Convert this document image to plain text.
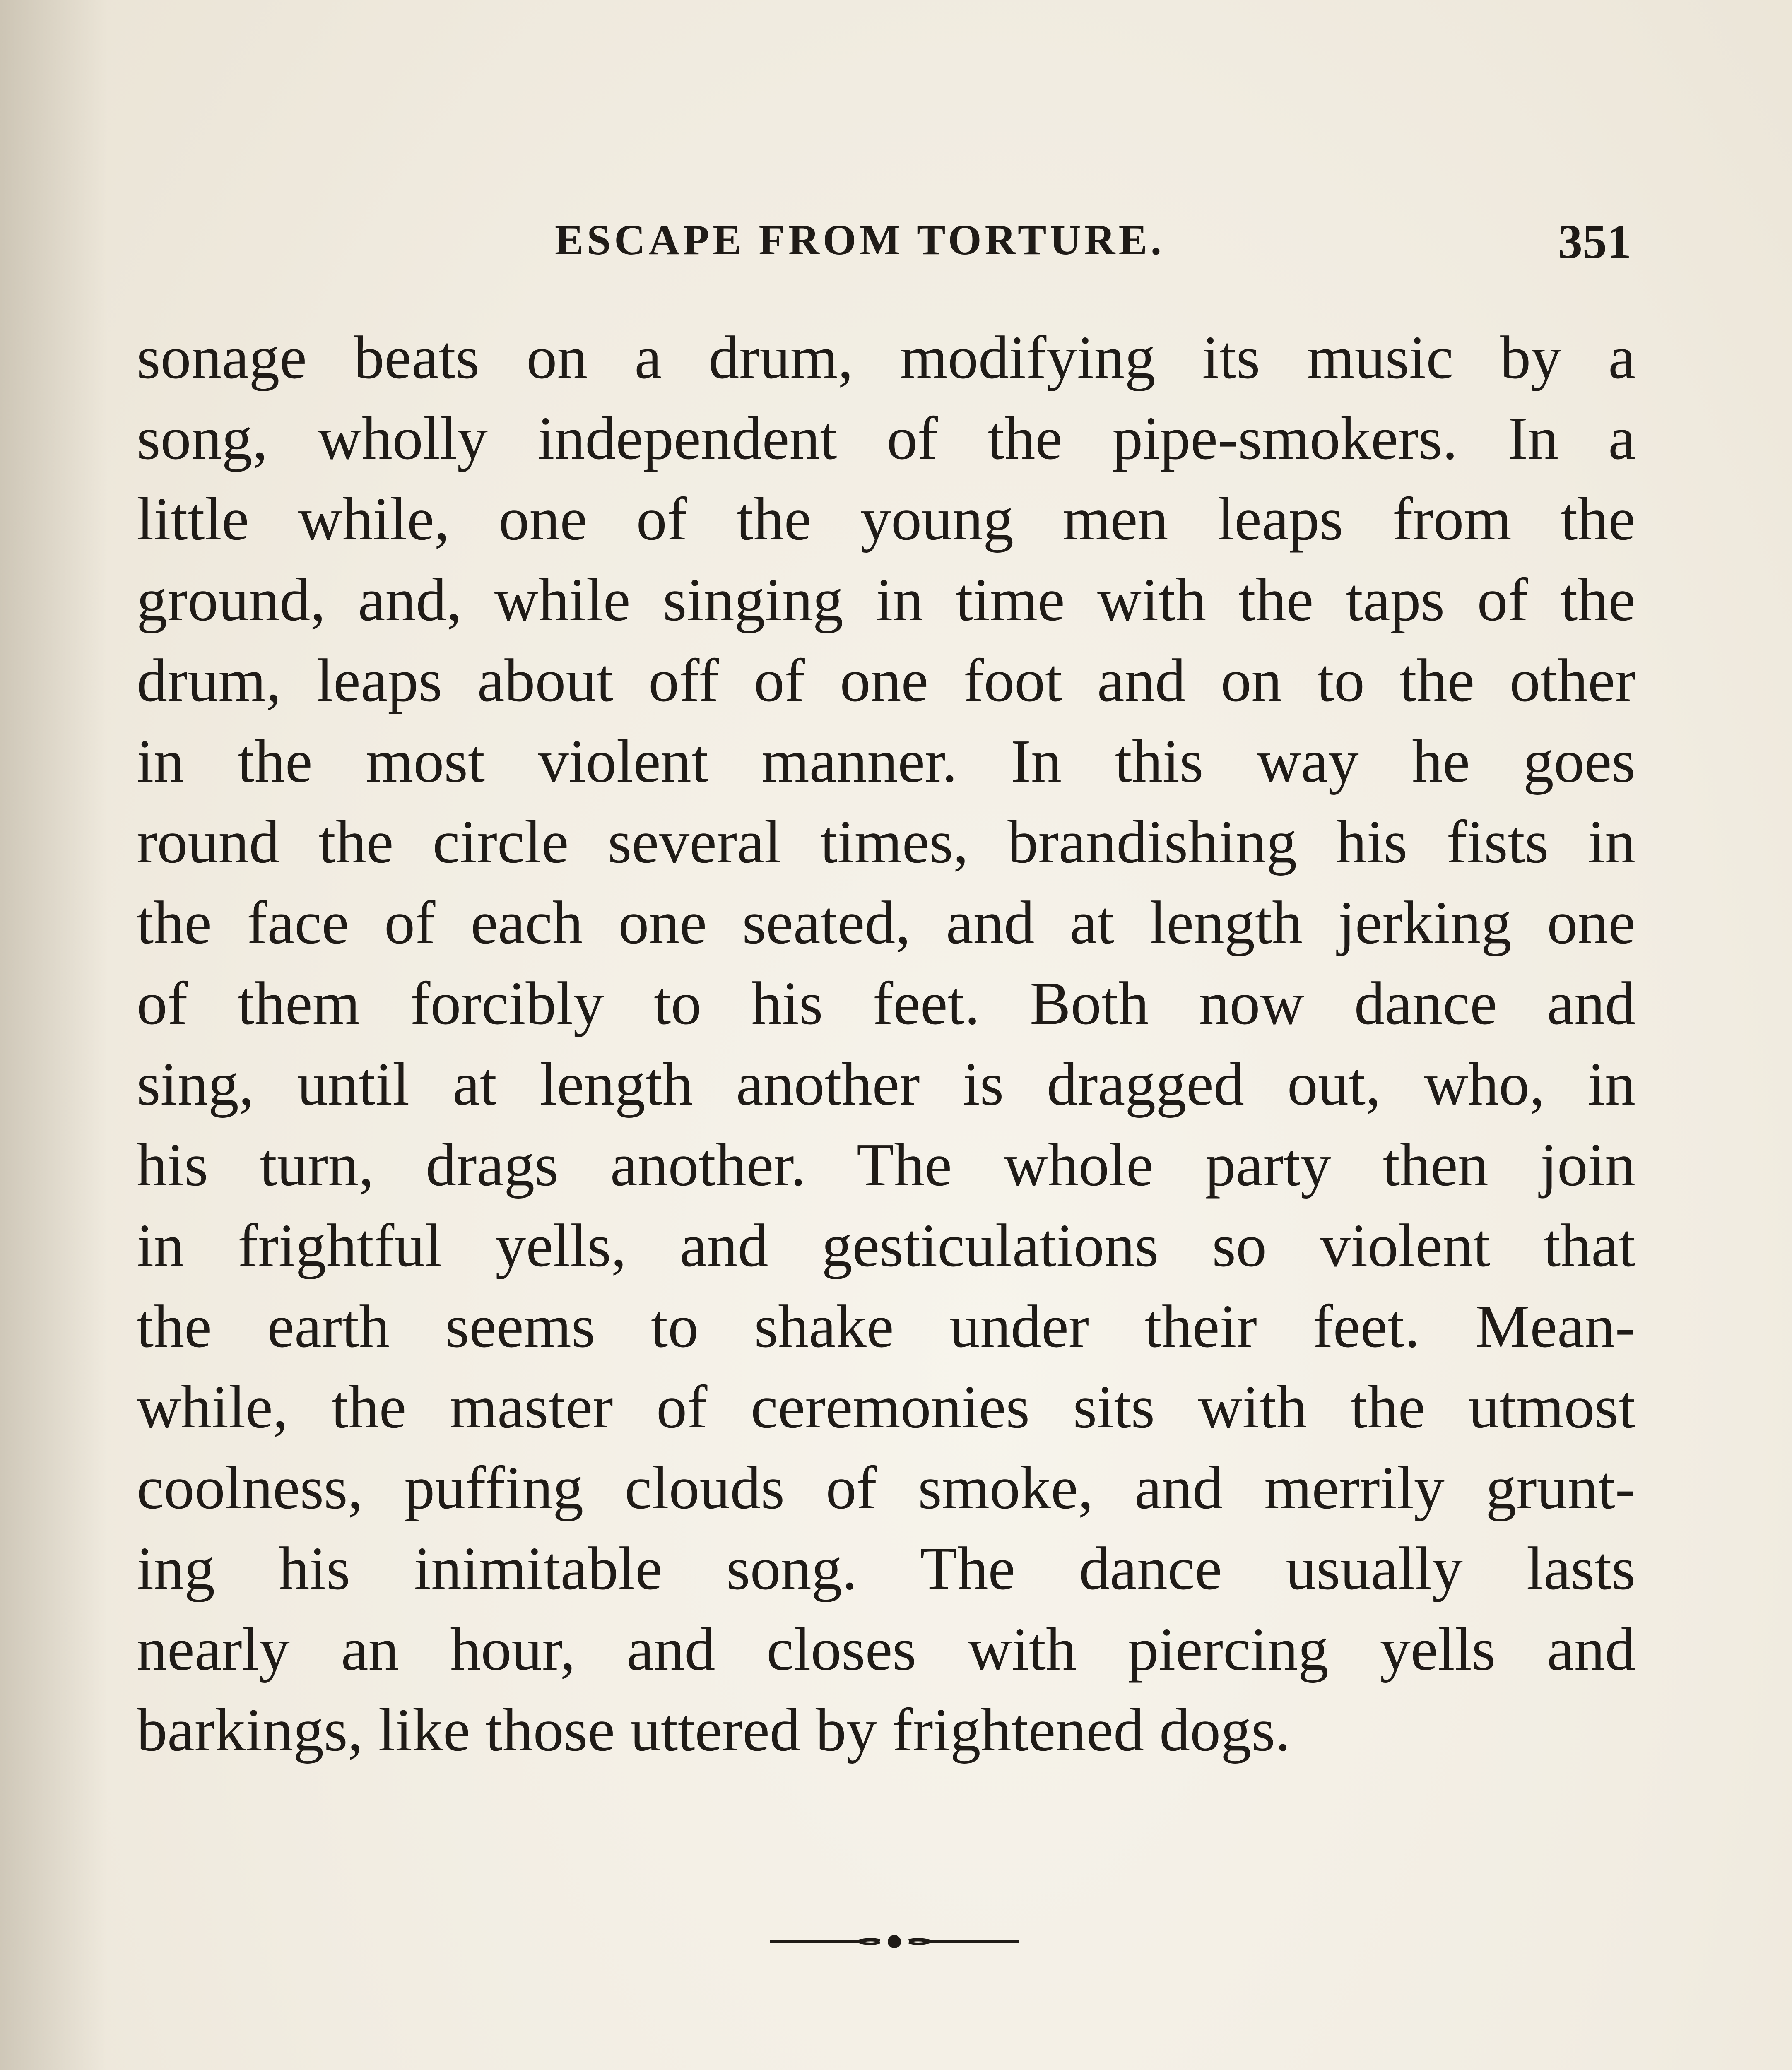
ESCAPE FROM TORTURE.	351
sonage beats on a drum, modifying its music by a
song, wholly independent of the pipe-smokers. In a
little while, one of the young men leaps from the
ground, and, while singing in time with the taps of the
drum, leaps about off of one foot and on to the other
in the most violent manner. In this way he goes
round the circle several times, brandishing his fists in
the face of each one seated, and at length jerking one
of them forcibly to his feet. Both now dance and
sing, until at length another is dragged out, who, in
his turn, drags another. The whole party then join
in frightful yells, and gesticulations so violent that
the earth seems to shake under their feet. Mean-
while, the master of ceremonies sits with the utmost
coolness, puffing clouds of smoke, and merrily grunt-
ing his inimitable song. The dance usually lasts
nearly an hour, and closes with piercing yells and
barkings, like those uttered by frightened dogs.
